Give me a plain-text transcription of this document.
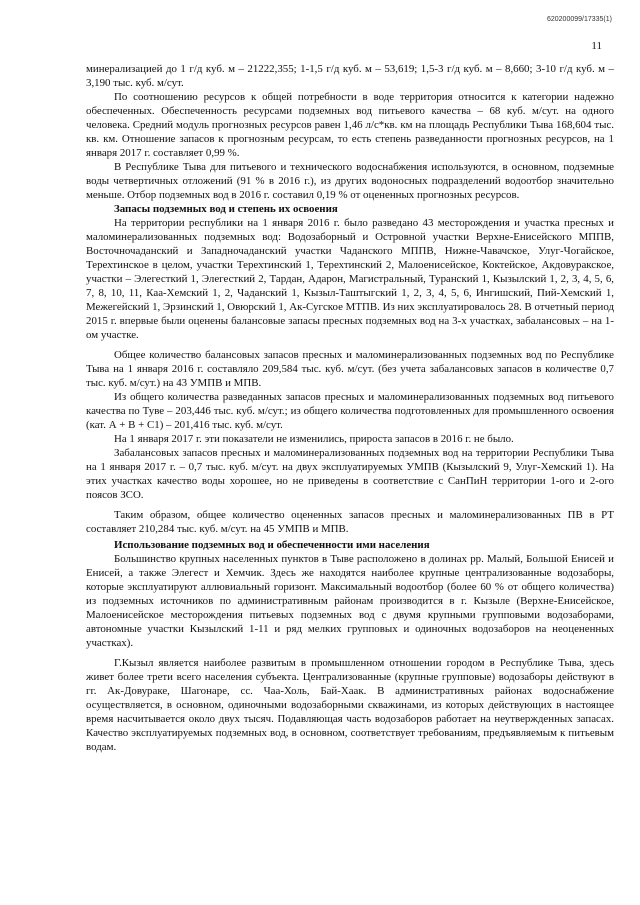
620200099/17335(1)
11

минерализацией до 1 г/д куб. м – 21222,355; 1-1,5 г/д куб. м – 53,619; 1,5-3 г/д куб. м – 8,660; 3-10 г/д куб. м – 3,190 тыс. куб. м/сут.

По соотношению ресурсов к общей потребности в воде территория относится к категории надежно обеспеченных. Обеспеченность ресурсами подземных вод питьевого качества – 68 куб. м/сут. на одного человека. Средний модуль прогнозных ресурсов равен 1,46 л/с*кв. км на площадь Республики Тыва 168,604 тыс. кв. км. Отношение запасов к прогнозным ресурсам, то есть степень разведанности прогнозных ресурсов, на 1 января 2017 г. составляет 0,99 %.

В Республике Тыва для питьевого и технического водоснабжения используются, в основном, подземные воды четвертичных отложений (91 % в 2016 г.), из других водоносных подразделений водоотбор значительно меньше. Отбор подземных вод в 2016 г. составил 0,19 % от оцененных прогнозных ресурсов.

Запасы подземных вод и степень их освоения

На территории республики на 1 января 2016 г. было разведано 43 месторождения и участка пресных и маломинерализованных подземных вод: Водозаборный и Островной участки Верхне-Енисейского МППВ, Восточночаданский и Западночаданский участки Чаданского МППВ, Нижне-Чавачское, Улуг-Чогайское, Терехтинское в целом, участки Терехтинский 1, Терехтинский 2, Малоенисейское, Коктейское, Акдовуракское, участки – Элегесткий 1, Элегесткий 2, Тардан, Адарон, Магистральный, Туранский 1, Кызылский 1, 2, 3, 4, 5, 6, 7, 8, 10, 11, Каа-Хемский 1, 2, Чаданский 1, Кызыл-Таштыгский 1, 2, 3, 4, 5, 6, Ингишский, Пий-Хемский 1, Межегейский 1, Эрзинский 1, Овюрский 1, Ак-Сугское МТПВ. Из них эксплуатировалось 28. В отчетный период 2015 г. впервые были оценены балансовые запасы пресных подземных вод на 3-х участках, забалансовых – на 1-ом участке.

Общее количество балансовых запасов пресных и маломинерализованных подземных вод по Республике Тыва на 1 января 2016 г. составляло 209,584 тыс. куб. м/сут. (без учета забалансовых запасов в количестве 0,7 тыс. куб. м/сут.) на 43 УМПВ и МПВ.

Из общего количества разведанных запасов пресных и маломинерализованных подземных вод питьевого качества по Туве – 203,446 тыс. куб. м/сут.; из общего количества подготовленных для промышленного освоения (кат. А + В + С1) – 201,416 тыс. куб. м/сут.

На 1 января 2017 г. эти показатели не изменились, прироста запасов в 2016 г. не было.

Забалансовых запасов пресных и маломинерализованных подземных вод на территории Республики Тыва на 1 января 2017 г. – 0,7 тыс. куб. м/сут. на двух эксплуатируемых УМПВ (Кызылский 9, Улуг-Хемский 1). На этих участках качество воды хорошее, но не приведены в соответствие с СанПиН территории 1-ого и 2-ого поясов ЗСО.

Таким образом, общее количество оцененных запасов пресных и маломинерализованных ПВ в РТ составляет 210,284 тыс. куб. м/сут. на 45 УМПВ и МПВ.

Использование подземных вод и обеспеченности ими населения

Большинство крупных населенных пунктов в Тыве расположено в долинах рр. Малый, Большой Енисей и Енисей, а также Элегест и Хемчик. Здесь же находятся наиболее крупные централизованные водозаборы, которые эксплуатируют аллювиальный горизонт. Максимальный водоотбор (более 60 % от общего количества) из подземных источников по административным районам производится в г. Кызыле (Верхне-Енисейское, Малоенисейское месторождения питьевых подземных вод с двумя крупными групповыми водозаборами, автономные участки Кызылский 1-11 и ряд мелких групповых и одиночных водозаборов на неоцененных участках).

Г.Кызыл является наиболее развитым в промышленном отношении городом в Республике Тыва, здесь живет более трети всего населения субъекта. Централизованные (крупные групповые) водозаборы действуют в гг. Ак-Довураке, Шагонаре, сс. Чаа-Холь, Бай-Хаак. В административных районах водоснабжение осуществляется, в основном, одиночными водозаборными скважинами, из которых действующих в настоящее время насчитывается около двух тысяч. Подавляющая часть водозаборов работает на неутвержденных запасах. Качество эксплуатируемых подземных вод, в основном, соответствует требованиям, предъявляемым к питьевым водам.
